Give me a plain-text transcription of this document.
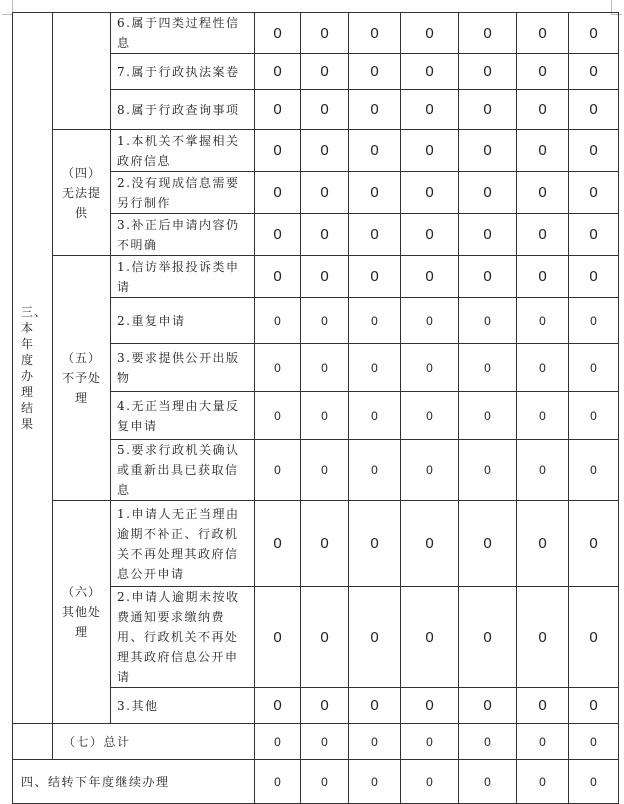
三、本年度办理结果		6.属于四类过程性信息	0	0	0	0	0	0	0
		7.属于行政执法案卷	0	0	0	0	0	0	0
		8.属于行政查询事项	0	0	0	0	0	0	0
	（四）无法提供	1.本机关不掌握相关政府信息	0	0	0	0	0	0	0
		2.没有现成信息需要另行制作	0	0	0	0	0	0	0
		3.补正后申请内容仍不明确	0	0	0	0	0	0	0
	（五）不予处理	1.信访举报投诉类申请	0	0	0	0	0	0	0
		2.重复申请	0	0	0	0	0	0	0
		3.要求提供公开出版物	0	0	0	0	0	0	0
		4.无正当理由大量反复申请	0	0	0	0	0	0	0
		5.要求行政机关确认或重新出具已获取信息	0	0	0	0	0	0	0
	（六）其他处理	1.申请人无正当理由逾期不补正、行政机关不再处理其政府信息公开申请	0	0	0	0	0	0	0
		2.申请人逾期未按收费通知要求缴纳费用、行政机关不再处理其政府信息公开申请	0	0	0	0	0	0	0
		3.其他	0	0	0	0	0	0	0
	（七）总计		0	0	0	0	0	0	0
四、结转下年度继续办理			0	0	0	0	0	0	0
